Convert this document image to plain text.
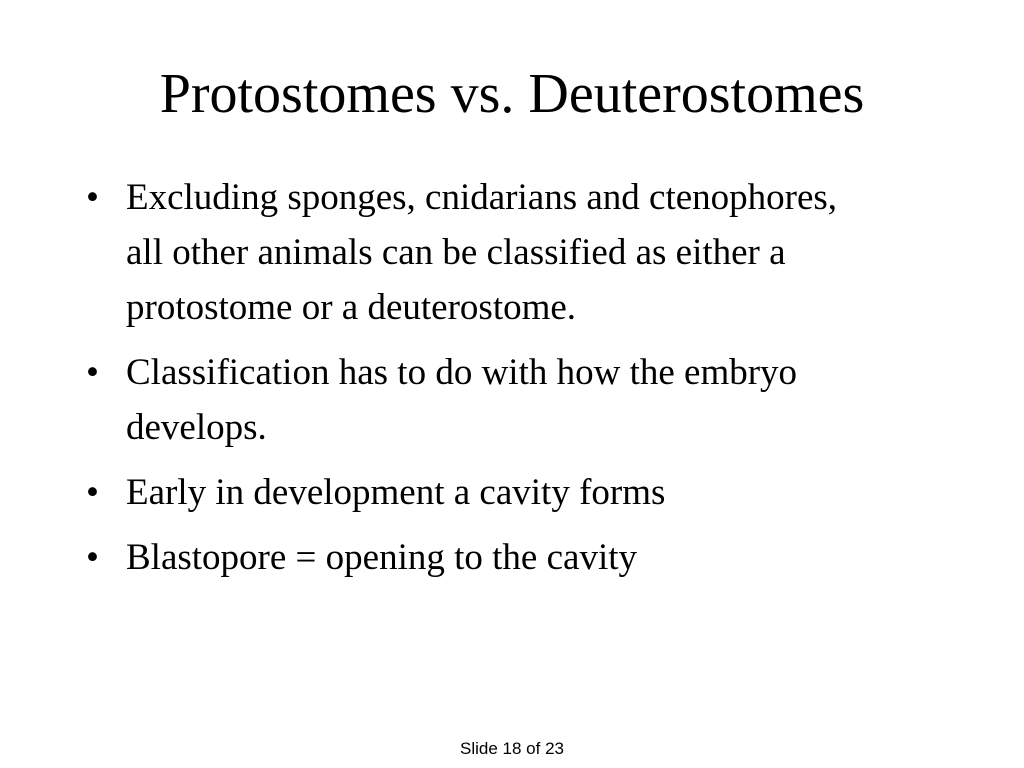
Protostomes vs. Deuterostomes
• Excluding sponges, cnidarians and ctenophores, all other animals can be classified as either a protostome or a deuterostome.
• Classification has to do with how the embryo develops.
• Early in development a cavity forms
• Blastopore = opening to the cavity
Slide 18 of 23
